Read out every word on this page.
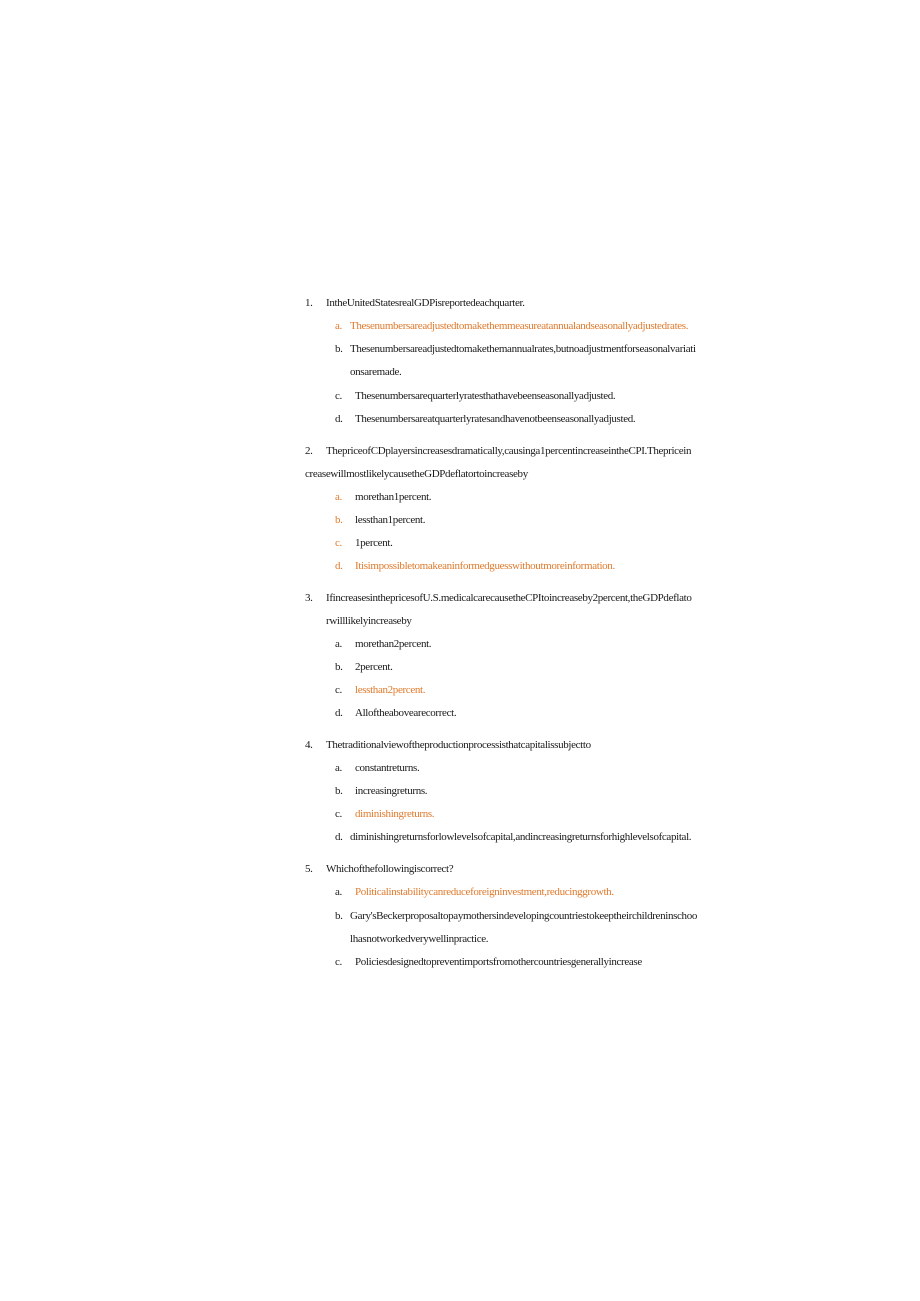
1. IntheUnitedStatesrealGDPisreportedeachquarter.
a. Thesenumbersareadjustedtomakethemmeasureatannualandseasonallyadjustedrates.
b. Thesenumbersareadjustedtomakethemannualrates,butnoadjustmentforseasonalvariati
onsaremade.
c. Thesenumbersarequarterlyratesthathavebeenseasonallyadjusted.
d. Thesenumbersareatquarterlyratesandhavenotbeenseasonallyadjusted.
2. ThepriceofCDplayersincreasesdramatically,causinga1percentincreaseintheCPI.Thepricein
creasewillmostlikelycausetheGDPdeflatortoincreaseby
a. morethan1percent.
b. lessthan1percent.
c. 1percent.
d. Itisimpossibletomakeaninformedguesswithoutmoreinformation.
3. IfincreasesinthepricesofU.S.medicalcarecausetheCPItoincreaseby2percent,theGDPdeflato
rwilllikelyincreaseby
a. morethan2percent.
b. 2percent.
c. lessthan2percent.
d. Alloftheabovearecorrect.
4. Thetraditionalviewoftheproductionprocessisthatcapitalissubjectto
a. constantreturns.
b. increasingreturns.
c. diminishingreturns.
d. diminishingreturnsforlowlevelsofcapital,andincreasingreturnsforhighlevelsofcapital.
5. Whichofthefollowingiscorrect?
a. Politicalinstabilitycanreduceforeigninvestment,reducinggrowth.
b. Gary'sBeckerproposaltopaymothersindevelopingcountriestokeeptheirchildreninschoo
lhasnotworkedverywellinpractice.
c. Policiesdesignedtopreventimportsfromothercountriesgenerallyincrease
